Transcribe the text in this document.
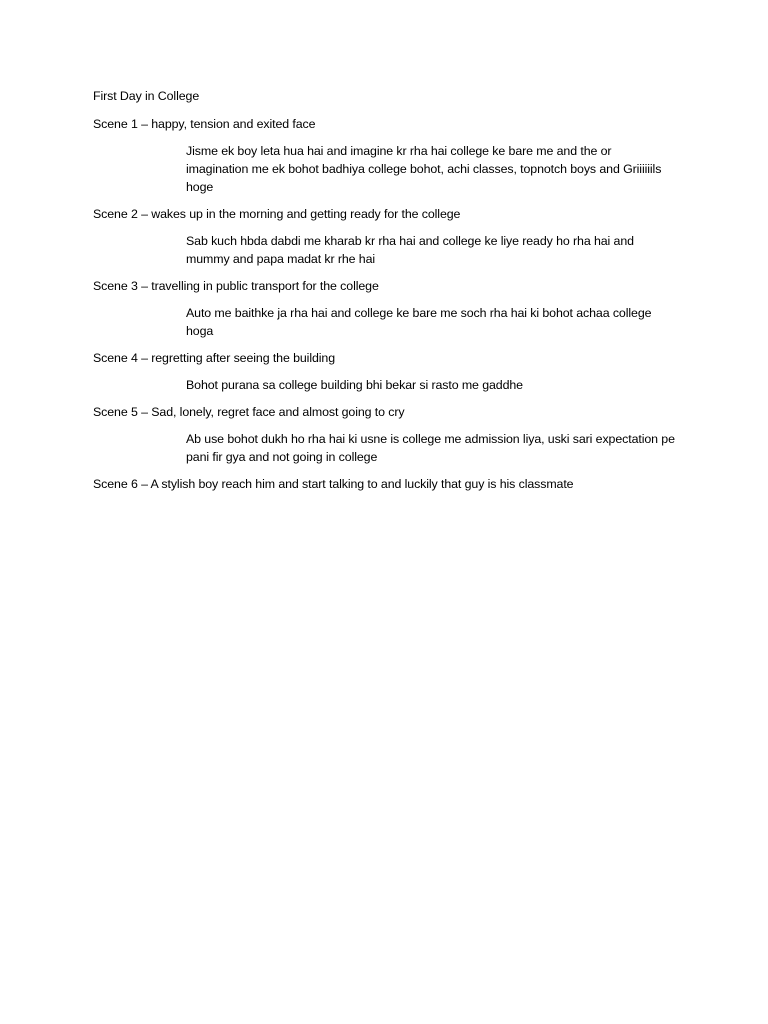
First Day in College
Scene 1 – happy, tension and exited face
Jisme ek boy leta hua hai and imagine kr rha hai college ke bare me and the or imagination me ek bohot badhiya college bohot, achi classes, topnotch boys and Griiiiiils hoge
Scene 2 – wakes up in the morning and getting ready for the college
Sab kuch hbda dabdi me kharab kr rha hai and college ke liye ready ho rha hai and mummy and papa madat kr rhe hai
Scene 3 – travelling in public transport for the college
Auto me baithke ja rha hai and college ke bare me soch rha hai ki bohot achaa college hoga
Scene 4 – regretting after seeing the building
Bohot purana sa college building bhi bekar si rasto me gaddhe
Scene 5 – Sad, lonely, regret face and almost going to cry
Ab use bohot dukh ho rha hai ki usne is college me admission liya, uski sari expectation pe pani fir gya and not going in college
Scene 6 – A stylish boy reach him and start talking to and luckily that guy is his classmate
